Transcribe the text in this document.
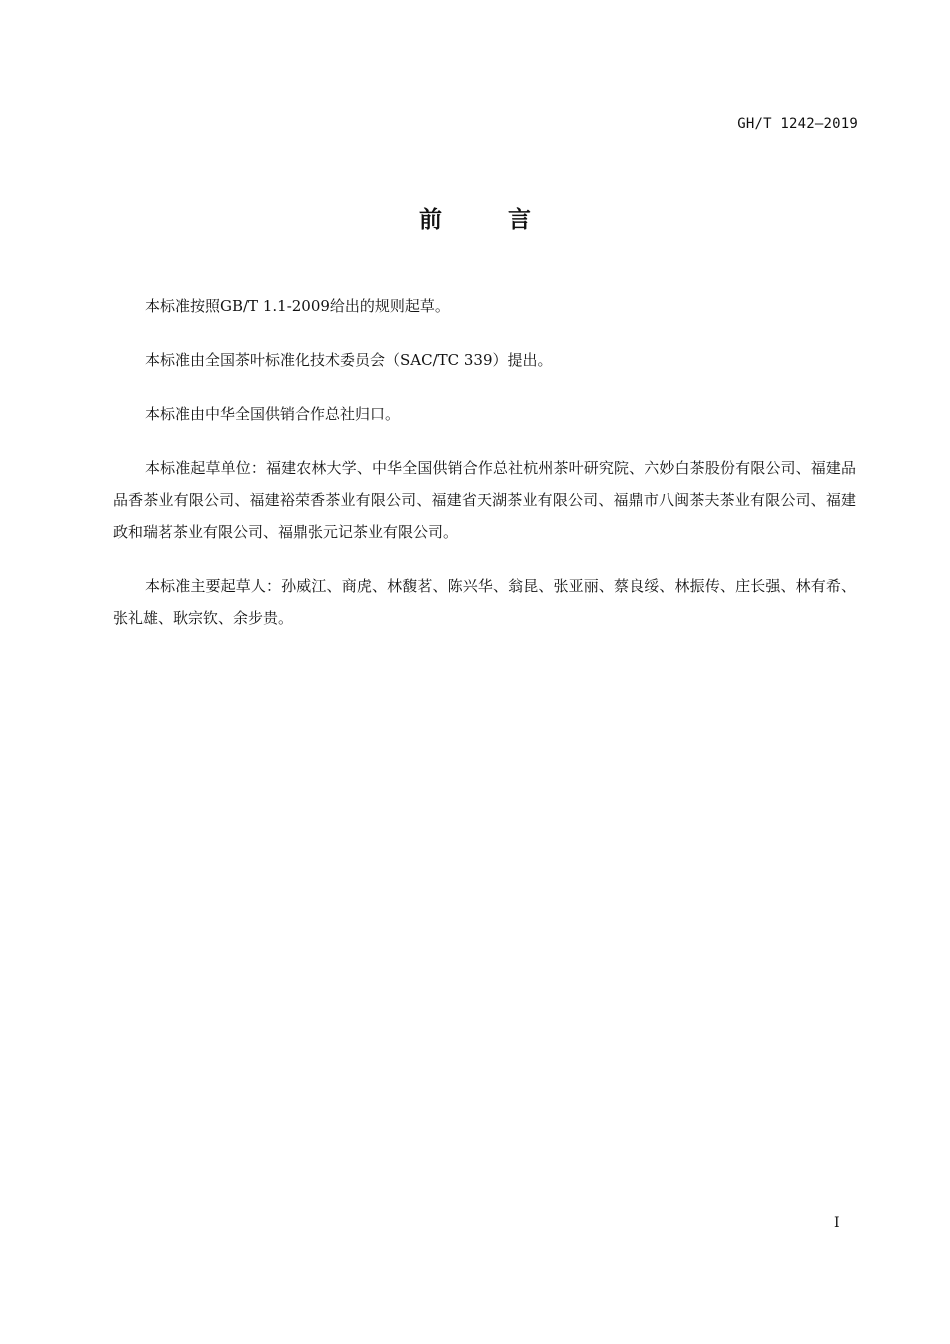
GH/T 1242—2019
前	言

本标准按照GB/T 1.1-2009给出的规则起草。

本标准由全国茶叶标准化技术委员会（SAC/TC 339）提出。

本标准由中华全国供销合作总社归口。

本标准起草单位：福建农林大学、中华全国供销合作总社杭州茶叶研究院、六妙白茶股份有限公司、福建品品香茶业有限公司、福建裕荣香茶业有限公司、福建省天湖茶业有限公司、福鼎市八闽茶夫茶业有限公司、福建政和瑞茗茶业有限公司、福鼎张元记茶业有限公司。

本标准主要起草人：孙威江、商虎、林馥茗、陈兴华、翁昆、张亚丽、蔡良绥、林振传、庄长强、林有希、张礼雄、耿宗钦、余步贵。

I
